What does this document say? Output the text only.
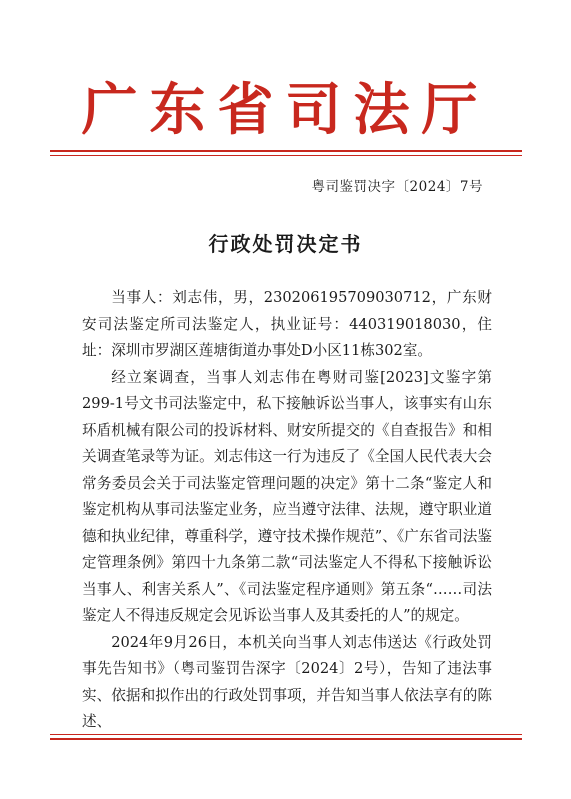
广东省司法厅
粤司鉴罚决字〔2024〕7号
行政处罚决定书

当事人：刘志伟，男，230206195709030712，广东财安司法鉴定所司法鉴定人，执业证号：440319018030，住址：深圳市罗湖区莲塘街道办事处D小区11栋302室。

经立案调查，当事人刘志伟在粤财司鉴[2023]文鉴字第299-1号文书司法鉴定中，私下接触诉讼当事人，该事实有山东环盾机械有限公司的投诉材料、财安所提交的《自查报告》和相关调查笔录等为证。刘志伟这一行为违反了《全国人民代表大会常务委员会关于司法鉴定管理问题的决定》第十二条“鉴定人和鉴定机构从事司法鉴定业务，应当遵守法律、法规，遵守职业道德和执业纪律，尊重科学，遵守技术操作规范”、《广东省司法鉴定管理条例》第四十九条第二款“司法鉴定人不得私下接触诉讼当事人、利害关系人”、《司法鉴定程序通则》第五条“……司法鉴定人不得违反规定会见诉讼当事人及其委托的人”的规定。

2024年9月26日，本机关向当事人刘志伟送达《行政处罚事先告知书》（粤司鉴罚告深字〔2024〕2号），告知了违法事实、依据和拟作出的行政处罚事项，并告知当事人依法享有的陈述、
